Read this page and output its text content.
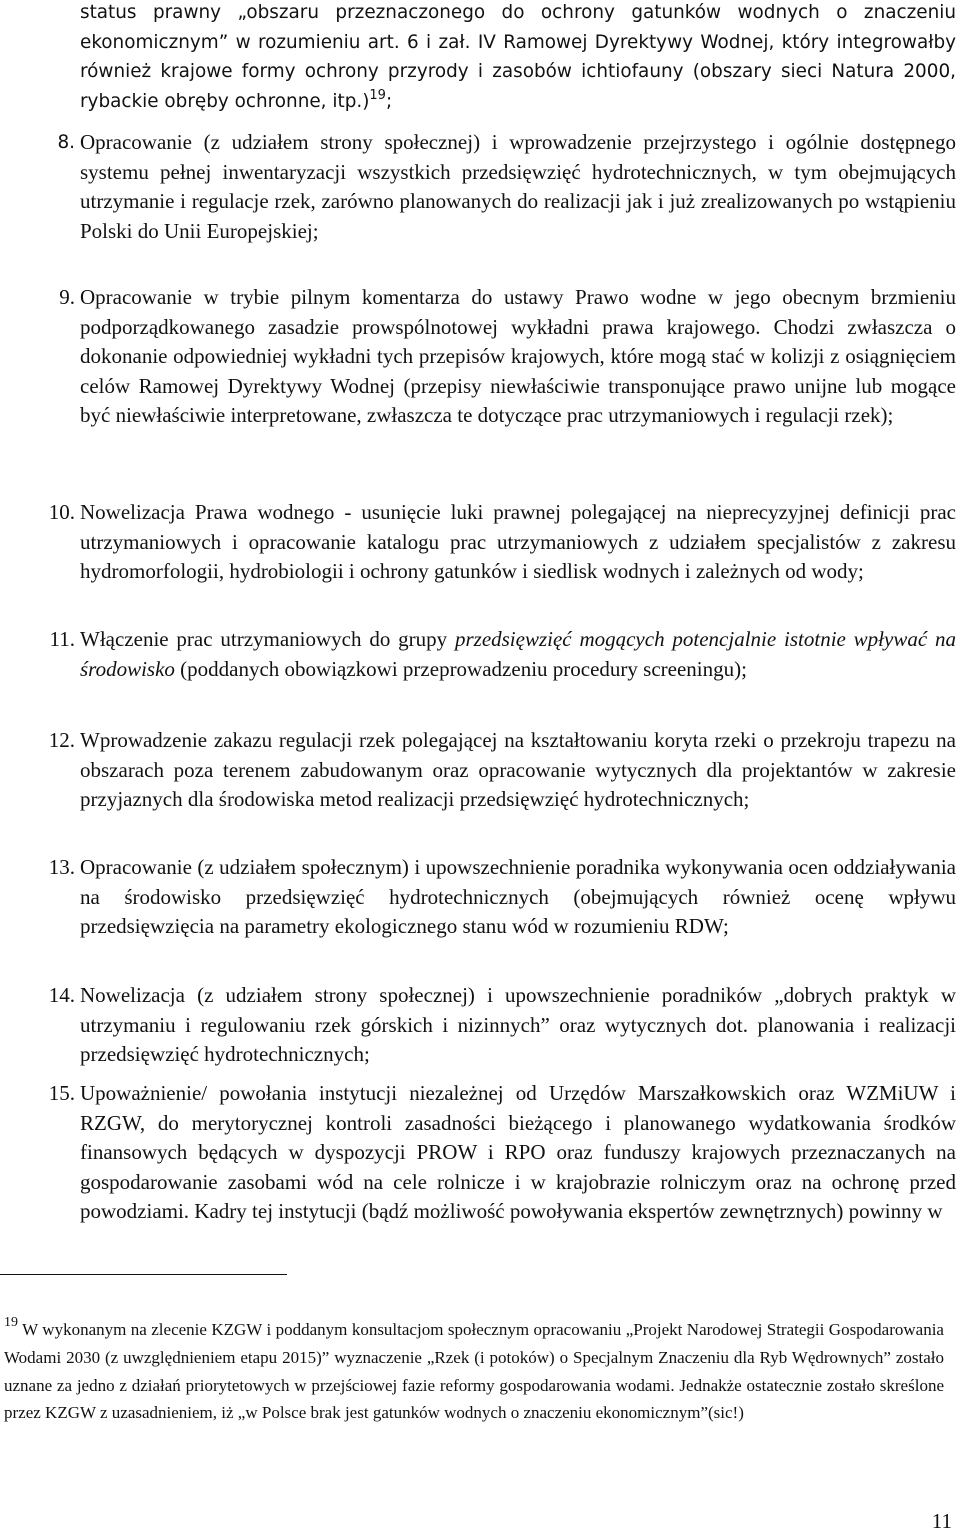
status prawny „obszaru przeznaczonego do ochrony gatunków wodnych o znaczeniu ekonomicznym” w rozumieniu art. 6 i zał. IV Ramowej Dyrektywy Wodnej, który integrowałby również krajowe formy ochrony przyrody i zasobów ichtiofauny (obszary sieci Natura 2000, rybackie obręby ochronne, itp.)$^{19}$;

8. Opracowanie (z udziałem strony społecznej) i wprowadzenie przejrzystego i ogólnie dostępnego systemu pełnej inwentaryzacji wszystkich przedsięwzięć hydrotechnicznych, w tym obejmujących utrzymanie i regulacje rzek, zarówno planowanych do realizacji jak i już zrealizowanych po wstąpieniu Polski do Unii Europejskiej;

9. Opracowanie w trybie pilnym komentarza do ustawy Prawo wodne w jego obecnym brzmieniu podporządkowanego zasadzie prowspólnotowej wykładni prawa krajowego. Chodzi zwłaszcza o dokonanie odpowiedniej wykładni tych przepisów krajowych, które mogą stać w kolizji z osiągnięciem celów Ramowej Dyrektywy Wodnej (przepisy niewłaściwie transponujące prawo unijne lub mogące być niewłaściwie interpretowane, zwłaszcza te dotyczące prac utrzymaniowych i regulacji rzek);

10. Nowelizacja Prawa wodnego - usunięcie luki prawnej polegającej na nieprecyzyjnej definicji prac utrzymaniowych i opracowanie katalogu prac utrzymaniowych z udziałem specjalistów z zakresu hydromorfologii, hydrobiologii i ochrony gatunków i siedlisk wodnych i zależnych od wody;

11. Włączenie prac utrzymaniowych do grupy przedsięwzięć mogących potencjalnie istotnie wpływać na środowisko (poddanych obowiązkowi przeprowadzeniu procedury screeningu);

12. Wprowadzenie zakazu regulacji rzek polegającej na kształtowaniu koryta rzeki o przekroju trapezu na obszarach poza terenem zabudowanym oraz opracowanie wytycznych dla projektantów w zakresie przyjaznych dla środowiska metod realizacji przedsięwzięć hydrotechnicznych;

13. Opracowanie (z udziałem społecznym) i upowszechnienie poradnika wykonywania ocen oddziaływania na środowisko przedsięwzięć hydrotechnicznych (obejmujących również ocenę wpływu przedsięwzięcia na parametry ekologicznego stanu wód w rozumieniu RDW;

14. Nowelizacja (z udziałem strony społecznej) i upowszechnienie poradników „dobrych praktyk w utrzymaniu i regulowaniu rzek górskich i nizinnych” oraz wytycznych dot. planowania i realizacji przedsięwzięć hydrotechnicznych;

15. Upoważnienie/ powołania instytucji niezależnej od Urzędów Marszałkowskich oraz WZMiUW i RZGW, do merytorycznej kontroli zasadności bieżącego i planowanego wydatkowania środków finansowych będących w dyspozycji PROW i RPO oraz funduszy krajowych przeznaczanych na gospodarowanie zasobami wód na cele rolnicze i w krajobrazie rolniczym oraz na ochronę przed powodziami. Kadry tej instytucji (bądź możliwość powoływania ekspertów zewnętrznych) powinny w

$^{19}$ W wykonanym na zlecenie KZGW i poddanym konsultacjom społecznym opracowaniu „Projekt Narodowej Strategii Gospodarowania Wodami 2030 (z uwzględnieniem etapu 2015)” wyznaczenie „Rzek (i potoków) o Specjalnym Znaczeniu dla Ryb Wędrownych” zostało uznane za jedno z działań priorytetowych w przejściowej fazie reformy gospodarowania wodami. Jednakże ostatecznie zostało skreślone przez KZGW z uzasadnieniem, iż „w Polsce brak jest gatunków wodnych o znaczeniu ekonomicznym”(sic!)

11
